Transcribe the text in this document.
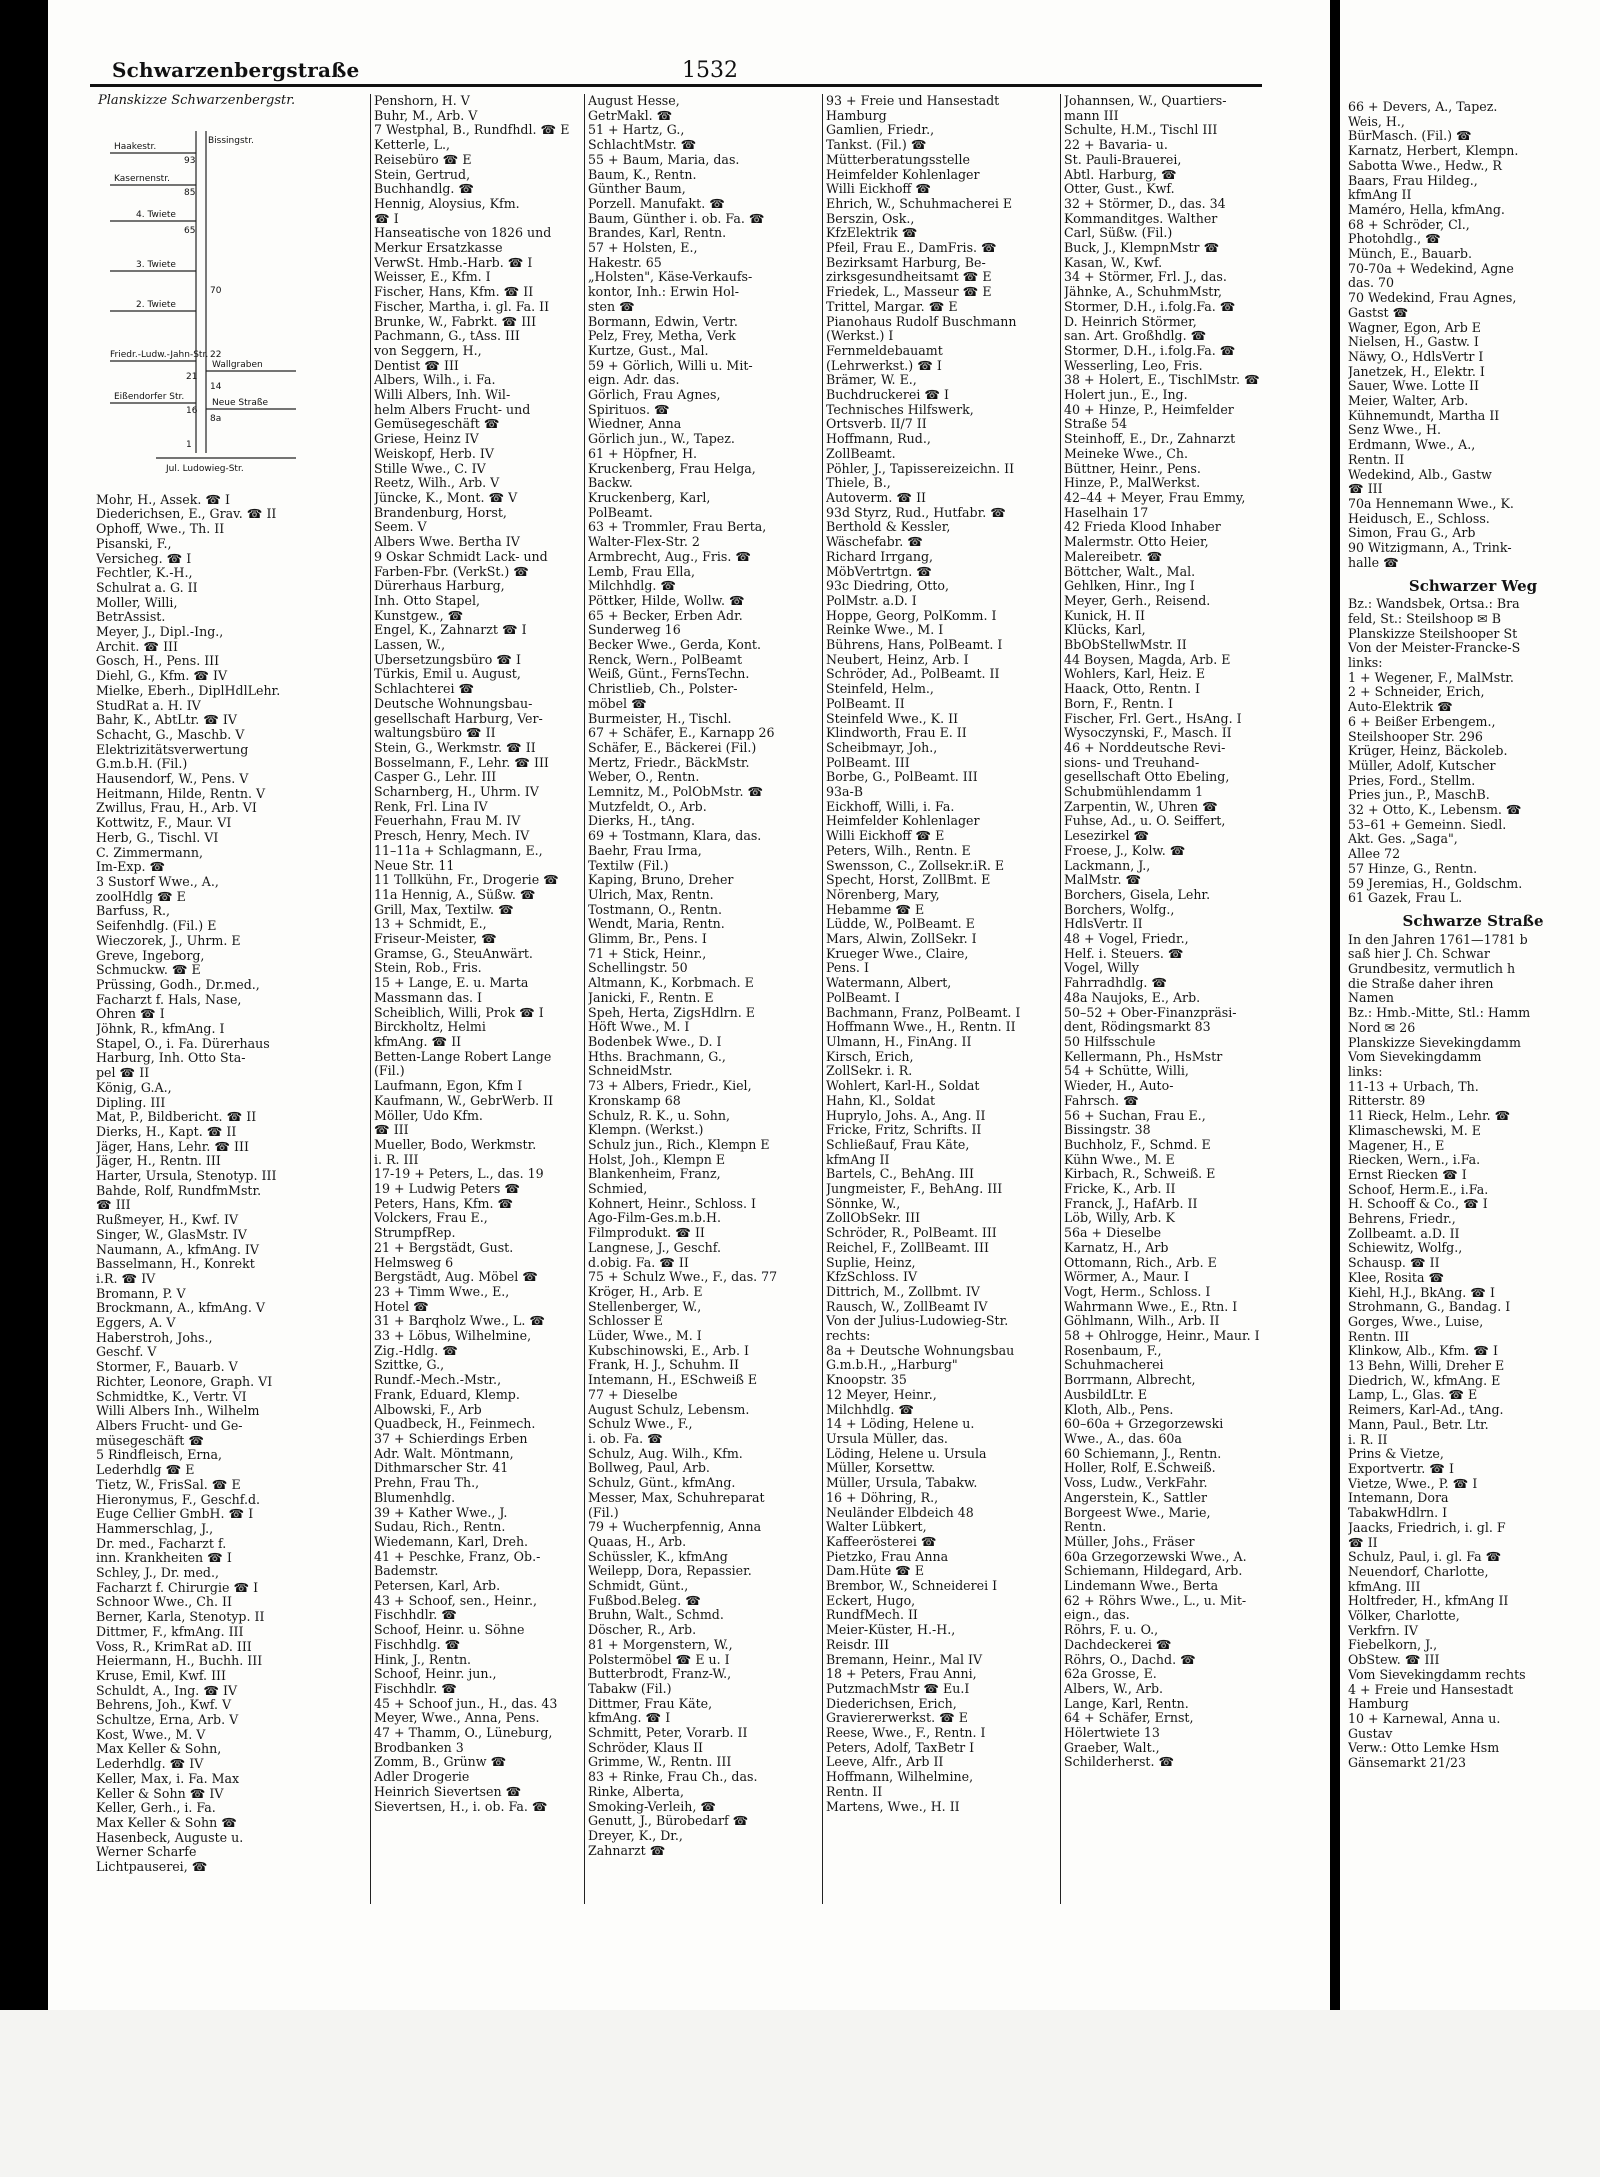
Schwarzenbergstraße	1532
Planskizze Schwarzenbergstr.
Haakestr.
Bissingstr.
Kasernenstr.
4. Twiete
3. Twiete
2. Twiete
Friedr.-Ludw.-Jahn-Str.
Wallgraben
Neue Straße
Eißendorfer Str.
Jul. Ludowieg-Str.
93
85
70
65
22
21
14
16
8a
1
Mohr, H., Assek. ☎ I
Diederichsen, E., Grav. ☎ II
Ophoff, Wwe., Th. II
Pisanski, F.,
Versicheg. ☎ I
Fechtler, K.-H.,
Schulrat a. G. II
Moller, Willi,
BetrAssist.
Meyer, J., Dipl.-Ing.,
Archit. ☎ III
Gosch, H., Pens. III
Diehl, G., Kfm. ☎ IV
Mielke, Eberh., DiplHdlLehr.
StudRat a. H. IV
Bahr, K., AbtLtr. ☎ IV
Schacht, G., Maschb. V
Elektrizitätsverwertung
G.m.b.H. (Fil.)
Hausendorf, W., Pens. V
Heitmann, Hilde, Rentn. V
Zwillus, Frau, H., Arb. VI
Kottwitz, F., Maur. VI
Herb, G., Tischl. VI
C. Zimmermann,
Im-Exp. ☎
3 Sustorf Wwe., A.,
zoolHdlg ☎ E
Barfuss, R.,
Seifenhdlg. (Fil.) E
Wieczorek, J., Uhrm. E
Greve, Ingeborg,
Schmuckw. ☎ E
Prüssing, Godh., Dr.med.,
Facharzt f. Hals, Nase,
Ohren ☎ I
Jöhnk, R., kfmAng. I
Stapel, O., i. Fa. Dürerhaus
Harburg, Inh. Otto Sta-
pel ☎ II
König, G.A.,
Dipling. III
Mat, P., Bildbericht. ☎ II
Dierks, H., Kapt. ☎ II
Jäger, Hans, Lehr. ☎ III
Jäger, H., Rentn. III
Harter, Ursula, Stenotyp. III
Bahde, Rolf, RundfmMstr.
☎ III
Rußmeyer, H., Kwf. IV
Singer, W., GlasMstr. IV
Naumann, A., kfmAng. IV
Basselmann, H., Konrekt
i.R. ☎ IV
Bromann, P. V
Brockmann, A., kfmAng. V
Eggers, A. V
Haberstroh, Johs.,
Geschf. V
Stormer, F., Bauarb. V
Richter, Leonore, Graph. VI
Schmidtke, K., Vertr. VI
Willi Albers Inh., Wilhelm
Albers Frucht- und Ge-
müsegeschäft ☎
5 Rindfleisch, Erna,
Lederhdlg ☎ E
Tietz, W., FrisSal. ☎ E
Hieronymus, F., Geschf.d.
Euge Cellier GmbH. ☎ I
Hammerschlag, J.,
Dr. med., Facharzt f.
inn. Krankheiten ☎ I
Schley, J., Dr. med.,
Facharzt f. Chirurgie ☎ I
Schnoor Wwe., Ch. II
Berner, Karla, Stenotyp. II
Dittmer, F., kfmAng. III
Voss, R., KrimRat aD. III
Heiermann, H., Buchh. III
Kruse, Emil, Kwf. III
Schuldt, A., Ing. ☎ IV
Behrens, Joh., Kwf. V
Schultze, Erna, Arb. V
Kost, Wwe., M. V
Max Keller & Sohn,
Lederhdlg. ☎ IV
Keller, Max, i. Fa. Max
Keller & Sohn ☎ IV
Keller, Gerh., i. Fa.
Max Keller & Sohn ☎
Hasenbeck, Auguste u.
Werner Scharfe
Lichtpauserei, ☎
Penshorn, H. V
Buhr, M., Arb. V
7 Westphal, B., Rundfhdl. ☎ E
Ketterle, L.,
Reisebüro ☎ E
Stein, Gertrud,
Buchhandlg. ☎
Hennig, Aloysius, Kfm.
☎ I
Hanseatische von 1826 und
Merkur Ersatzkasse
VerwSt. Hmb.-Harb. ☎ I
Weisser, E., Kfm. I
Fischer, Hans, Kfm. ☎ II
Fischer, Martha, i. gl. Fa. II
Brunke, W., Fabrkt. ☎ III
Pachmann, G., tAss. III
von Seggern, H.,
Dentist ☎ III
Albers, Wilh., i. Fa.
Willi Albers, Inh. Wil-
helm Albers Frucht- und
Gemüsegeschäft ☎
Griese, Heinz IV
Weiskopf, Herb. IV
Stille Wwe., C. IV
Reetz, Wilh., Arb. V
Jüncke, K., Mont. ☎ V
Brandenburg, Horst,
Seem. V
Albers Wwe. Bertha IV
9 Oskar Schmidt Lack- und
Farben-Fbr. (VerkSt.) ☎
Dürerhaus Harburg,
Inh. Otto Stapel,
Kunstgew., ☎
Engel, K., Zahnarzt ☎ I
Lassen, W.,
Übersetzungsbüro ☎ I
Türkis, Emil u. August,
Schlachterei ☎
Deutsche Wohnungsbau-
gesellschaft Harburg, Ver-
waltungsbüro ☎ II
Stein, G., Werkmstr. ☎ II
Bosselmann, F., Lehr. ☎ III
Casper G., Lehr. III
Scharnberg, H., Uhrm. IV
Renk, Frl. Lina IV
Feuerhahn, Frau M. IV
Presch, Henry, Mech. IV
11–11a + Schlagmann, E.,
Neue Str. 11
11 Tollkühn, Fr., Drogerie ☎
11a Hennig, A., Süßw. ☎
Grill, Max, Textilw. ☎
13 + Schmidt, E.,
Friseur-Meister, ☎
Gramse, G., SteuAnwärt.
Stein, Rob., Fris.
15 + Lange, E. u. Marta
Massmann das. I
Scheiblich, Willi, Prok ☎ I
Birckholtz, Helmi
kfmAng. ☎ II
Betten-Lange Robert Lange
(Fil.)
Laufmann, Egon, Kfm I
Kaufmann, W., GebrWerb. II
Möller, Udo Kfm.
☎ III
Mueller, Bodo, Werkmstr.
i. R. III
17-19 + Peters, L., das. 19
19 + Ludwig Peters ☎
Peters, Hans, Kfm. ☎
Volckers, Frau E.,
StrumpfRep.
21 + Bergstädt, Gust.
Helmsweg 6
Bergstädt, Aug. Möbel ☎
23 + Timm Wwe., E.,
Hotel ☎
31 + Barqholz Wwe., L. ☎
33 + Löbus, Wilhelmine,
Zig.-Hdlg. ☎
Szittke, G.,
Rundf.-Mech.-Mstr.,
Frank, Eduard, Klemp.
Albowski, F., Arb
Quadbeck, H., Feinmech.
37 + Schierdings Erben
Adr. Walt. Möntmann,
Dithmarscher Str. 41
Prehn, Frau Th.,
Blumenhdlg.
39 + Kather Wwe., J.
Sudau, Rich., Rentn.
Wiedemann, Karl, Dreh.
41 + Peschke, Franz, Ob.-
Bademstr.
Petersen, Karl, Arb.
43 + Schoof, sen., Heinr.,
Fischhdlr. ☎
Schoof, Heinr. u. Söhne
Fischhdlg. ☎
Hink, J., Rentn.
Schoof, Heinr. jun.,
Fischhdlr. ☎
45 + Schoof jun., H., das. 43
Meyer, Wwe., Anna, Pens.
47 + Thamm, O., Lüneburg,
Brodbanken 3
Zomm, B., Grünw ☎
Adler Drogerie
Heinrich Sievertsen ☎
Sievertsen, H., i. ob. Fa. ☎
August Hesse,
GetrMakl. ☎
51 + Hartz, G.,
SchlachtMstr. ☎
55 + Baum, Maria, das.
Baum, K., Rentn.
Günther Baum,
Porzell. Manufakt. ☎
Baum, Günther i. ob. Fa. ☎
Brandes, Karl, Rentn.
57 + Holsten, E.,
Hakestr. 65
„Holsten", Käse-Verkaufs-
kontor, Inh.: Erwin Hol-
sten ☎
Bormann, Edwin, Vertr.
Pelz, Frey, Metha, Verk
Kurtze, Gust., Mal.
59 + Görlich, Willi u. Mit-
eign. Adr. das.
Görlich, Frau Agnes,
Spirituos. ☎
Wiedner, Anna
Görlich jun., W., Tapez.
61 + Höpfner, H.
Kruckenberg, Frau Helga,
Backw.
Kruckenberg, Karl,
PolBeamt.
63 + Trommler, Frau Berta,
Walter-Flex-Str. 2
Armbrecht, Aug., Fris. ☎
Lemb, Frau Ella,
Milchhdlg. ☎
Pöttker, Hilde, Wollw. ☎
65 + Becker, Erben Adr.
Sunderweg 16
Becker Wwe., Gerda, Kont.
Renck, Wern., PolBeamt
Weiß, Günt., FernsTechn.
Christlieb, Ch., Polster-
möbel ☎
Burmeister, H., Tischl.
67 + Schäfer, E., Karnapp 26
Schäfer, E., Bäckerei (Fil.)
Mertz, Friedr., BäckMstr.
Weber, O., Rentn.
Lemnitz, M., PolObMstr. ☎
Mutzfeldt, O., Arb.
Dierks, H., tAng.
69 + Tostmann, Klara, das.
Baehr, Frau Irma,
Textilw (Fil.)
Kaping, Bruno, Dreher
Ulrich, Max, Rentn.
Tostmann, O., Rentn.
Wendt, Maria, Rentn.
Glimm, Br., Pens. I
71 + Stick, Heinr.,
Schellingstr. 50
Altmann, K., Korbmach. E
Janicki, F., Rentn. E
Speh, Herta, ZigsHdlrn. E
Höft Wwe., M. I
Bodenbek Wwe., D. I
Hths. Brachmann, G.,
SchneidMstr.
73 + Albers, Friedr., Kiel,
Kronskamp 68
Schulz, R. K., u. Sohn,
Klempn. (Werkst.)
Schulz jun., Rich., Klempn E
Holst, Joh., Klempn E
Blankenheim, Franz,
Schmied,
Kohnert, Heinr., Schloss. I
Ago-Film-Ges.m.b.H.
Filmprodukt. ☎ II
Langnese, J., Geschf.
d.obig. Fa. ☎ II
75 + Schulz Wwe., F., das. 77
Kröger, H., Arb. E
Stellenberger, W.,
Schlosser E
Lüder, Wwe., M. I
Kubschinowski, E., Arb. I
Frank, H. J., Schuhm. II
Intemann, H., ESchweiß E
77 + Dieselbe
August Schulz, Lebensm.
Schulz Wwe., F.,
i. ob. Fa. ☎
Schulz, Aug. Wilh., Kfm.
Bollweg, Paul, Arb.
Schulz, Günt., kfmAng.
Messer, Max, Schuhreparat
(Fil.)
79 + Wucherpfennig, Anna
Quaas, H., Arb.
Schüssler, K., kfmAng
Weilepp, Dora, Repassier.
Schmidt, Günt.,
Fußbod.Beleg. ☎
Bruhn, Walt., Schmd.
Döscher, R., Arb.
81 + Morgenstern, W.,
Polstermöbel ☎ E u. I
Butterbrodt, Franz-W.,
Tabakw (Fil.)
Dittmer, Frau Käte,
kfmAng. ☎ I
Schmitt, Peter, Vorarb. II
Schröder, Klaus II
Grimme, W., Rentn. III
83 + Rinke, Frau Ch., das.
Rinke, Alberta,
Smoking-Verleih, ☎
Genutt, J., Bürobedarf ☎
Dreyer, K., Dr.,
Zahnarzt ☎
93 + Freie und Hansestadt
Hamburg
Gamlien, Friedr.,
Tankst. (Fil.) ☎
Mütterberatungsstelle
Heimfelder Kohlenlager
Willi Eickhoff ☎
Ehrich, W., Schuhmacherei E
Berszin, Osk.,
KfzElektrik ☎
Pfeil, Frau E., DamFris. ☎
Bezirksamt Harburg, Be-
zirksgesundheitsamt ☎ E
Friedek, L., Masseur ☎ E
Trittel, Margar. ☎ E
Pianohaus Rudolf Buschmann
(Werkst.) I
Fernmeldebauamt
(Lehrwerkst.) ☎ I
Brämer, W. E.,
Buchdruckerei ☎ I
Technisches Hilfswerk,
Ortsverb. II/7 II
Hoffmann, Rud.,
ZollBeamt.
Pöhler, J., Tapissereizeichn. II
Thiele, B.,
Autoverm. ☎ II
93d Styrz, Rud., Hutfabr. ☎
Berthold & Kessler,
Wäschefabr. ☎
Richard Irrgang,
MöbVertrtgn. ☎
93c Diedring, Otto,
PolMstr. a.D. I
Hoppe, Georg, PolKomm. I
Reinke Wwe., M. I
Bührens, Hans, PolBeamt. I
Neubert, Heinz, Arb. I
Schröder, Ad., PolBeamt. II
Steinfeld, Helm.,
PolBeamt. II
Steinfeld Wwe., K. II
Klindworth, Frau E. II
Scheibmayr, Joh.,
PolBeamt. III
Borbe, G., PolBeamt. III
93a-B
Eickhoff, Willi, i. Fa.
Heimfelder Kohlenlager
Willi Eickhoff ☎ E
Peters, Wilh., Rentn. E
Swensson, C., Zollsekr.iR. E
Specht, Horst, ZollBmt. E
Nörenberg, Mary,
Hebamme ☎ E
Lüdde, W., PolBeamt. E
Mars, Alwin, ZollSekr. I
Krueger Wwe., Claire,
Pens. I
Watermann, Albert,
PolBeamt. I
Bachmann, Franz, PolBeamt. I
Hoffmann Wwe., H., Rentn. II
Ulmann, H., FinAng. II
Kirsch, Erich,
ZollSekr. i. R.
Wohlert, Karl-H., Soldat
Hahn, Kl., Soldat
Huprylo, Johs. A., Ang. II
Fricke, Fritz, Schrifts. II
Schließauf, Frau Käte,
kfmAng II
Bartels, C., BehAng. III
Jungmeister, F., BehAng. III
Sönnke, W.,
ZollObSekr. III
Schröder, R., PolBeamt. III
Reichel, F., ZollBeamt. III
Suplie, Heinz,
KfzSchloss. IV
Dittrich, M., Zollbmt. IV
Rausch, W., ZollBeamt IV
Von der Julius-Ludowieg-Str.
rechts:
8a + Deutsche Wohnungsbau
G.m.b.H., „Harburg"
Knoopstr. 35
12 Meyer, Heinr.,
Milchhdlg. ☎
14 + Löding, Helene u.
Ursula Müller, das.
Löding, Helene u. Ursula
Müller, Korsettw.
Müller, Ursula, Tabakw.
16 + Döhring, R.,
Neuländer Elbdeich 48
Walter Lübkert,
Kaffeerösterei ☎
Pietzko, Frau Anna
Dam.Hüte ☎ E
Brembor, W., Schneiderei I
Eckert, Hugo,
RundfMech. II
Meier-Küster, H.-H.,
Reisdr. III
Bremann, Heinr., Mal IV
18 + Peters, Frau Anni,
PutzmachMstr ☎ Eu.I
Diederichsen, Erich,
Graviererwerkst. ☎ E
Reese, Wwe., F., Rentn. I
Peters, Adolf, TaxBetr I
Leeve, Alfr., Arb II
Hoffmann, Wilhelmine,
Rentn. II
Martens, Wwe., H. II
Johannsen, W., Quartiers-
mann III
Schulte, H.M., Tischl III
22 + Bavaria- u.
St. Pauli-Brauerei,
Abtl. Harburg, ☎
Otter, Gust., Kwf.
32 + Störmer, D., das. 34
Kommanditges. Walther
Carl, Süßw. (Fil.)
Buck, J., KlempnMstr ☎
Kasan, W., Kwf.
34 + Störmer, Frl. J., das.
Jähnke, A., SchuhmMstr,
Stormer, D.H., i.folg.Fa. ☎
D. Heinrich Störmer,
san. Art. Großhdlg. ☎
Stormer, D.H., i.folg.Fa. ☎
Wesserling, Leo, Fris.
38 + Holert, E., TischlMstr. ☎
Holert jun., E., Ing.
40 + Hinze, P., Heimfelder
Straße 54
Steinhoff, E., Dr., Zahnarzt
Meineke Wwe., Ch.
Büttner, Heinr., Pens.
Hinze, P., MalWerkst.
42–44 + Meyer, Frau Emmy,
Haselhain 17
42 Frieda Klood Inhaber
Malermstr. Otto Heier,
Malereibetr. ☎
Böttcher, Walt., Mal.
Gehlken, Hinr., Ing I
Meyer, Gerh., Reisend.
Kunick, H. II
Klücks, Karl,
BbObStellwMstr. II
44 Boysen, Magda, Arb. E
Wohlers, Karl, Heiz. E
Haack, Otto, Rentn. I
Born, F., Rentn. I
Fischer, Frl. Gert., HsAng. I
Wysoczynski, F., Masch. II
46 + Norddeutsche Revi-
sions- und Treuhand-
gesellschaft Otto Ebeling,
Schubmühlendamm 1
Zarpentin, W., Uhren ☎
Fuhse, Ad., u. O. Seiffert,
Lesezirkel ☎
Froese, J., Kolw. ☎
Lackmann, J.,
MalMstr. ☎
Borchers, Gisela, Lehr.
Borchers, Wolfg.,
HdlsVertr. II
48 + Vogel, Friedr.,
Helf. i. Steuers. ☎
Vogel, Willy
Fahrradhdlg. ☎
48a Naujoks, E., Arb.
50–52 + Ober-Finanzpräsi-
dent, Rödingsmarkt 83
50 Hilfsschule
Kellermann, Ph., HsMstr
54 + Schütte, Willi,
Wieder, H., Auto-
Fahrsch. ☎
56 + Suchan, Frau E.,
Bissingstr. 38
Buchholz, F., Schmd. E
Kühn Wwe., M. E
Kirbach, R., Schweiß. E
Fricke, K., Arb. II
Franck, J., HafArb. II
Löb, Willy, Arb. K
56a + Dieselbe
Karnatz, H., Arb
Ottomann, Rich., Arb. E
Wörmer, A., Maur. I
Vogt, Herm., Schloss. I
Wahrmann Wwe., E., Rtn. I
Göhlmann, Wilh., Arb. II
58 + Ohlrogge, Heinr., Maur. I
Rosenbaum, F.,
Schuhmacherei
Borrmann, Albrecht,
AusbildLtr. E
Kloth, Alb., Pens.
60–60a + Grzegorzewski
Wwe., A., das. 60a
60 Schiemann, J., Rentn.
Holler, Rolf, E.Schweiß.
Voss, Ludw., VerkFahr.
Angerstein, K., Sattler
Borgeest Wwe., Marie,
Rentn.
Müller, Johs., Fräser
60a Grzegorzewski Wwe., A.
Schiemann, Hildegard, Arb.
Lindemann Wwe., Berta
62 + Röhrs Wwe., L., u. Mit-
eign., das.
Röhrs, F. u. O.,
Dachdeckerei ☎
Röhrs, O., Dachd. ☎
62a Grosse, E.
Albers, W., Arb.
Lange, Karl, Rentn.
64 + Schäfer, Ernst,
Hölertwiete 13
Graeber, Walt.,
Schilderherst. ☎
66 + Devers, A., Tapez.
Weis, H.,
BürMasch. (Fil.) ☎
Karnatz, Herbert, Klempn.
Sabotta Wwe., Hedw., R
Baars, Frau Hildeg.,
kfmAng II
Maméro, Hella, kfmAng.
68 + Schröder, Cl.,
Photohdlg., ☎
Münch, E., Bauarb.
70-70a + Wedekind, Agne
das. 70
70 Wedekind, Frau Agnes,
Gastst ☎
Wagner, Egon, Arb E
Nielsen, H., Gastw. I
Näwy, O., HdlsVertr I
Janetzek, H., Elektr. I
Sauer, Wwe. Lotte II
Meier, Walter, Arb.
Kühnemundt, Martha II
Senz Wwe., H.
Erdmann, Wwe., A.,
Rentn. II
Wedekind, Alb., Gastw
☎ III
70a Hennemann Wwe., K.
Heidusch, E., Schloss.
Simon, Frau G., Arb
90 Witzigmann, A., Trink-
halle ☎
Schwarzer Weg
Bz.: Wandsbek, Ortsa.: Bra
feld, St.: Steilshoop ✉ B
Planskizze Steilshooper St
Von der Meister-Francke-S
links:
1 + Wegener, F., MalMstr.
2 + Schneider, Erich,
Auto-Elektrik ☎
6 + Beißer Erbengem.,
Steilshooper Str. 296
Krüger, Heinz, Bäckoleb.
Müller, Adolf, Kutscher
Pries, Ford., Stellm.
Pries jun., P., MaschB.
32 + Otto, K., Lebensm. ☎
53–61 + Gemeinn. Siedl.
Akt. Ges. „Saga",
Allee 72
57 Hinze, G., Rentn.
59 Jeremias, H., Goldschm.
61 Gazek, Frau L.
Schwarze Straße
In den Jahren 1761—1781 b
saß hier J. Ch. Schwar
Grundbesitz, vermutlich h
die Straße daher ihren
Namen
Bz.: Hmb.-Mitte, Stl.: Hamm
Nord ✉ 26
Planskizze Sievekingdamm
Vom Sievekingdamm
links:
11-13 + Urbach, Th.
Ritterstr. 89
11 Rieck, Helm., Lehr. ☎
Klimaschewski, M. E
Magener, H., E
Riecken, Wern., i.Fa.
Ernst Riecken ☎ I
Schoof, Herm.E., i.Fa.
H. Schooff & Co., ☎ I
Behrens, Friedr.,
Zollbeamt. a.D. II
Schiewitz, Wolfg.,
Schausp. ☎ II
Klee, Rosita ☎
Kiehl, H.J., BkAng. ☎ I
Strohmann, G., Bandag. I
Gorges, Wwe., Luise,
Rentn. III
Klinkow, Alb., Kfm. ☎ I
13 Behn, Willi, Dreher E
Diedrich, W., kfmAng. E
Lamp, L., Glas. ☎ E
Reimers, Karl-Ad., tAng.
Mann, Paul., Betr. Ltr.
i. R. II
Prins & Vietze,
Exportvertr. ☎ I
Vietze, Wwe., P. ☎ I
Intemann, Dora
TabakwHdlrn. I
Jaacks, Friedrich, i. gl. F
☎ II
Schulz, Paul, i. gl. Fa ☎
Neuendorf, Charlotte,
kfmAng. III
Holtfreder, H., kfmAng II
Völker, Charlotte,
Verkfrn. IV
Fiebelkorn, J.,
ObStew. ☎ III
Vom Sievekingdamm rechts
4 + Freie und Hansestadt
Hamburg
10 + Karnewal, Anna u.
Gustav
Verw.: Otto Lemke Hsm
Gänsemarkt 21/23
